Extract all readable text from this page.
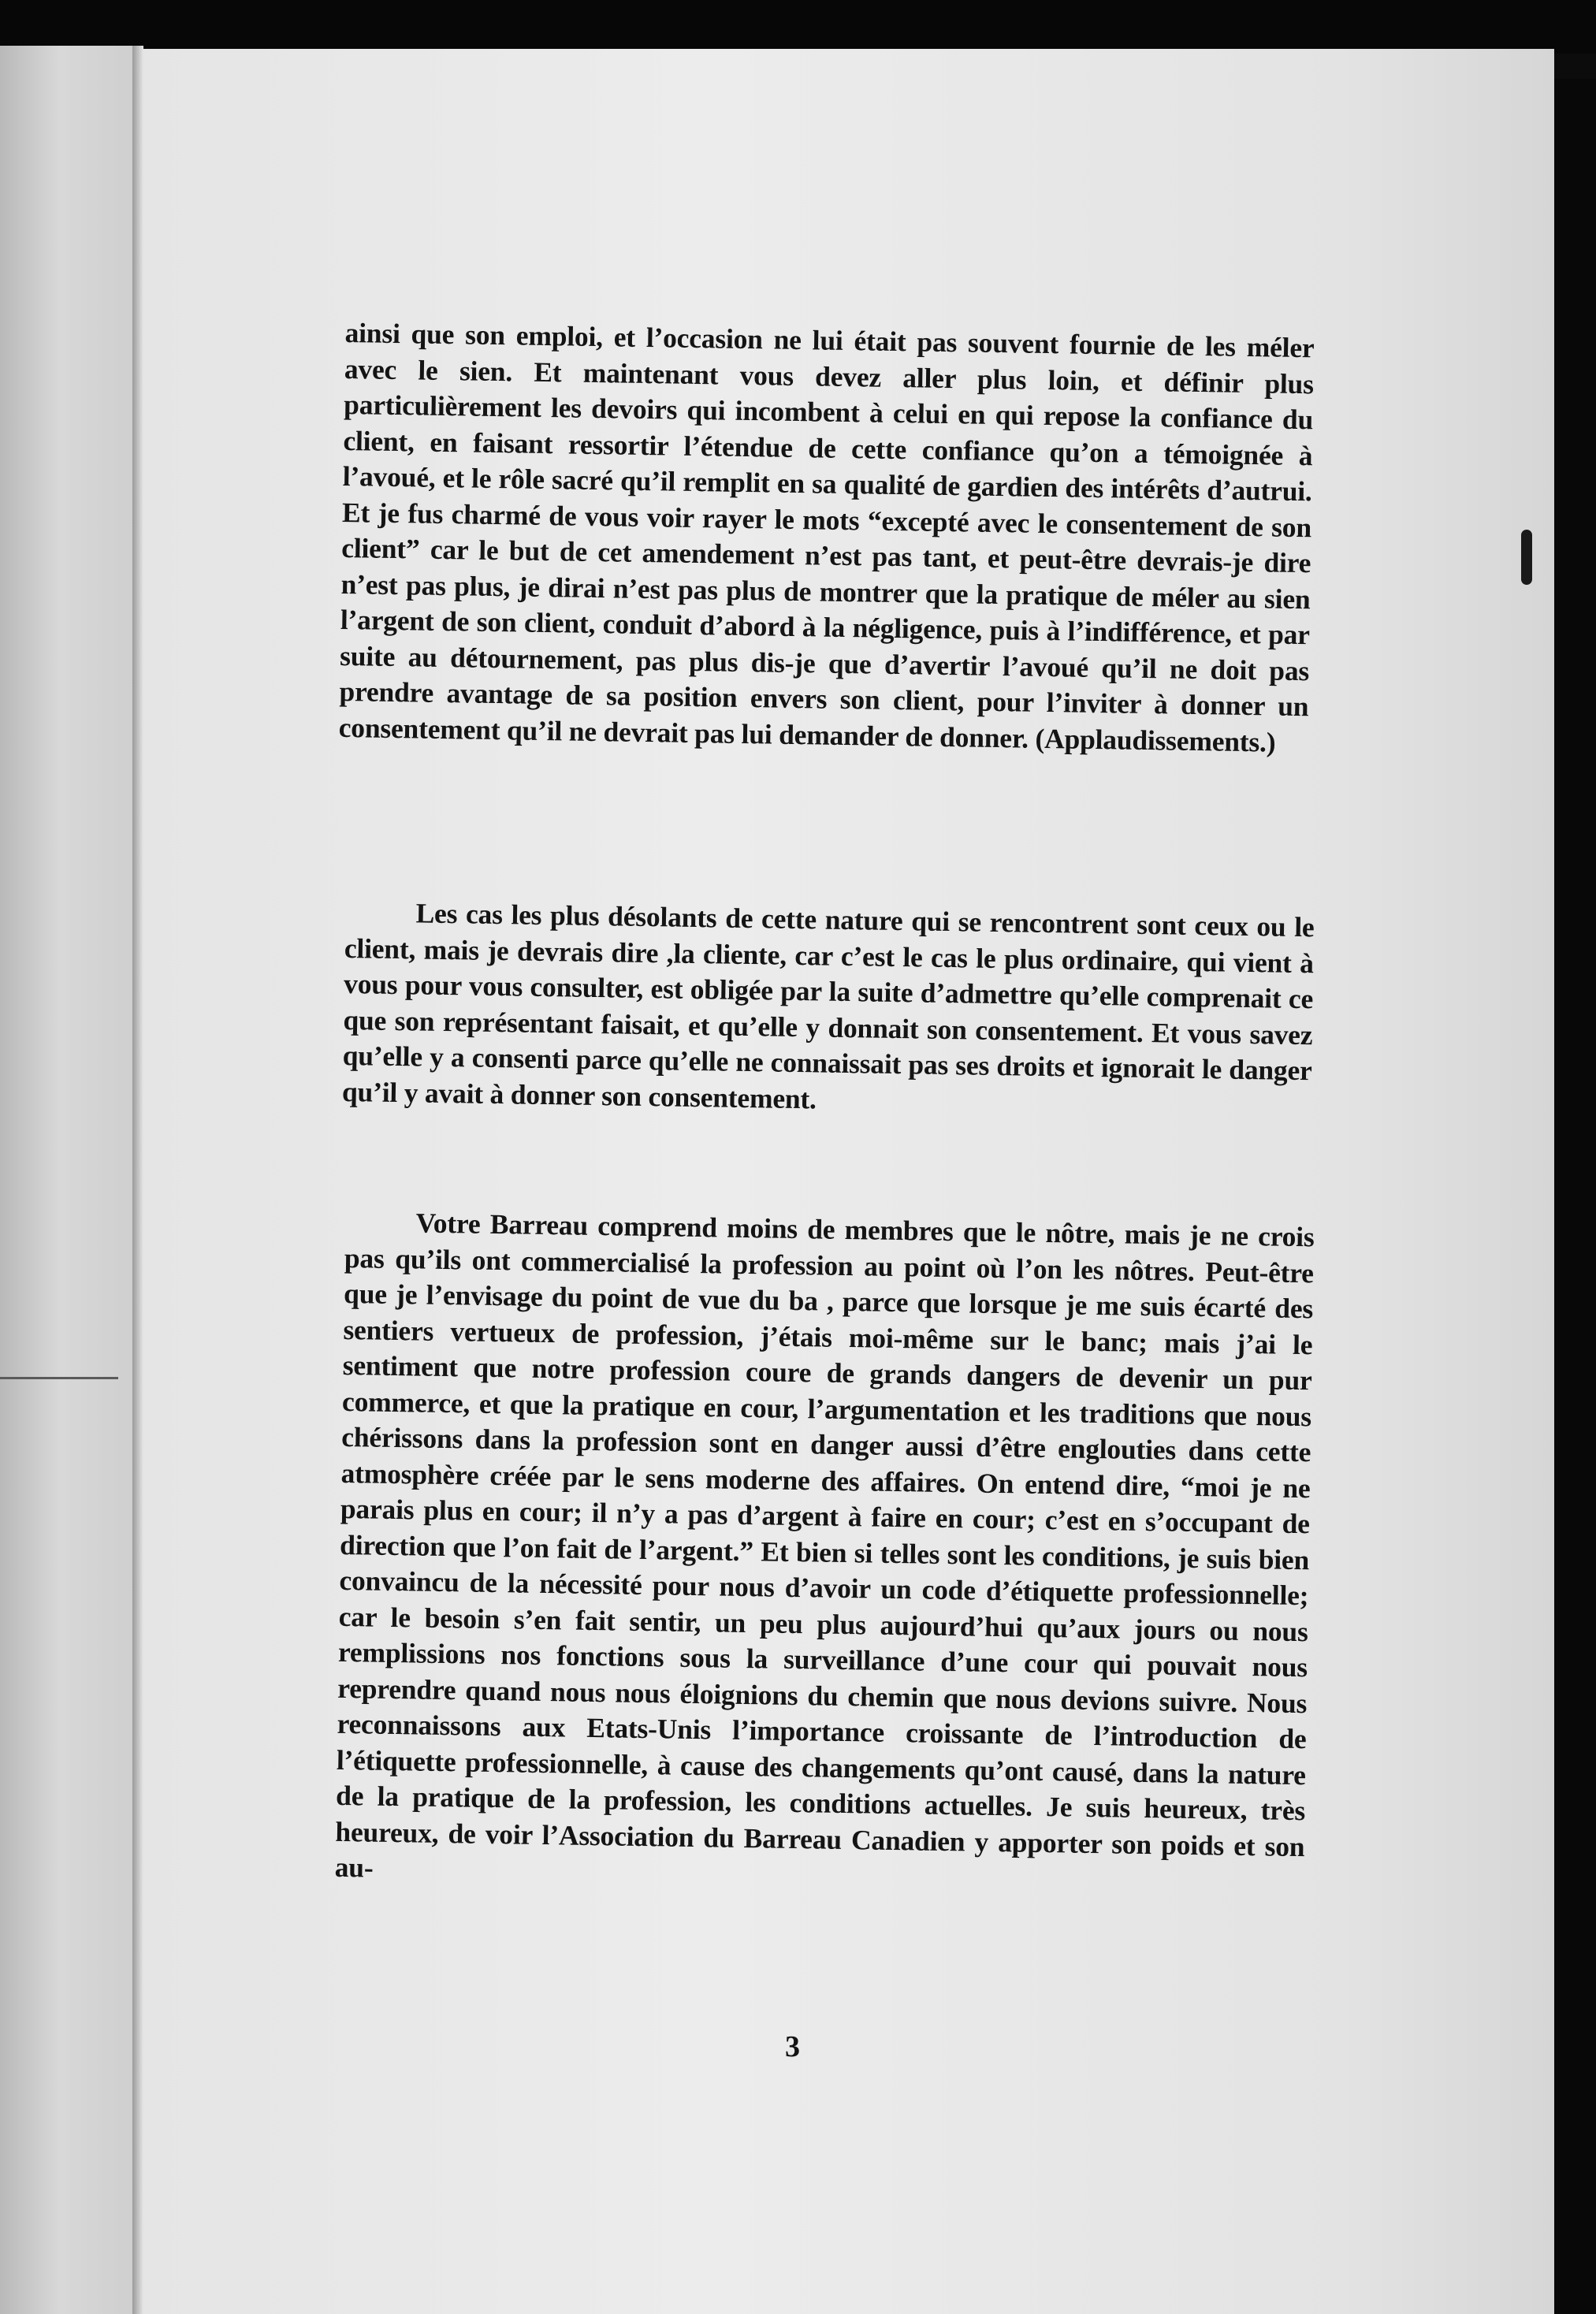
ainsi que son emploi, et l’occasion ne lui était pas souvent fournie de les méler avec le sien. Et maintenant vous devez aller plus loin, et définir plus particulièrement les devoirs qui incombent à celui en qui repose la confiance du client, en faisant ressortir l’étendue de cette confiance qu’on a témoignée à l’avoué, et le rôle sacré qu’il remplit en sa qualité de gardien des intérêts d’autrui. Et je fus charmé de vous voir rayer le mots “excepté avec le consentement de son client” car le but de cet amendement n’est pas tant, et peut-être devrais-je dire n’est pas plus, je dirai n’est pas plus de montrer que la pratique de méler au sien l’argent de son client, conduit d’abord à la négligence, puis à l’indifférence, et par suite au détournement, pas plus dis-je que d’avertir l’avoué qu’il ne doit pas prendre avantage de sa position envers son client, pour l’inviter à donner un consentement qu’il ne devrait pas lui demander de donner. (Applaudissements.)

Les cas les plus désolants de cette nature qui se rencontrent sont ceux ou le client, mais je devrais dire ,la cliente, car c’est le cas le plus ordinaire, qui vient à vous pour vous consulter, est obligée par la suite d’admettre qu’elle comprenait ce que son représentant faisait, et qu’elle y donnait son consentement. Et vous savez qu’elle y a consenti parce qu’elle ne connaissait pas ses droits et ignorait le danger qu’il y avait à donner son consentement.

Votre Barreau comprend moins de membres que le nôtre, mais je ne crois pas qu’ils ont commercialisé la profession au point où l’on les nôtres. Peut-être que je l’envisage du point de vue du ba , parce que lorsque je me suis écarté des sentiers vertueux de profession, j’étais moi-même sur le banc; mais j’ai le sentiment que notre profession coure de grands dangers de devenir un pur commerce, et que la pratique en cour, l’argumentation et les traditions que nous chérissons dans la profession sont en danger aussi d’être englouties dans cette atmosphère créée par le sens moderne des affaires. On entend dire, “moi je ne parais plus en cour; il n’y a pas d’argent à faire en cour; c’est en s’occupant de direction que l’on fait de l’argent.” Et bien si telles sont les conditions, je suis bien convaincu de la nécessité pour nous d’avoir un code d’étiquette professionnelle; car le besoin s’en fait sentir, un peu plus aujourd’hui qu’aux jours ou nous remplissions nos fonctions sous la surveillance d’une cour qui pouvait nous reprendre quand nous nous éloignions du chemin que nous devions suivre. Nous reconnaissons aux Etats-Unis l’importance croissante de l’introduction de l’étiquette professionnelle, à cause des changements qu’ont causé, dans la nature de la pratique de la profession, les conditions actuelles. Je suis heureux, très heureux, de voir l’Association du Barreau Canadien y apporter son poids et son au-

3
